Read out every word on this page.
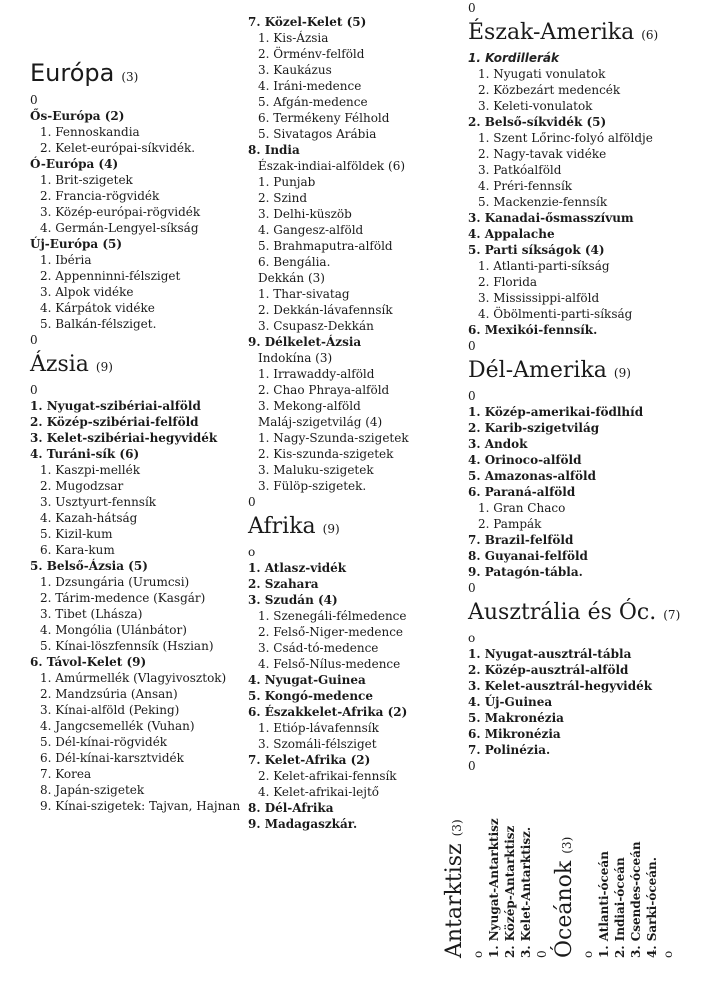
Európa (3)
0
Ős-Európa (2)
1. Fennoskandia
2. Kelet-európai-síkvidék.
Ó-Európa (4)
1. Brit-szigetek
2. Francia-rögvidék
3. Közép-európai-rögvidék
4. Germán-Lengyel-síkság
Új-Európa (5)
1. Ibéria
2. Appenninni-félsziget
3. Alpok vidéke
4. Kárpátok vidéke
5. Balkán-félsziget.
0
Ázsia (9)
0
1. Nyugat-szibériai-alföld
2. Közép-szibériai-felföld
3. Kelet-szibériai-hegyvidék
4. Turáni-sík (6)
1. Kaszpi-mellék
2. Mugodzsar
3. Usztyurt-fennsík
4. Kazah-hátság
5. Kizil-kum
6. Kara-kum
5. Belső-Ázsia (5)
1. Dzsungária (Urumcsi)
2. Tárim-medence (Kasgár)
3. Tibet (Lhásza)
4. Mongólia (Ulánbátor)
5. Kínai-löszfennsík (Hszian)
6. Távol-Kelet (9)
1. Amúrmellék (Vlagyivosztok)
2. Mandzsúria (Ansan)
3. Kínai-alföld (Peking)
4. Jangcsemellék (Vuhan)
5. Dél-kínai-rögvidék
6. Dél-kínai-karsztvidék
7. Korea
8. Japán-szigetek
9. Kínai-szigetek: Tajvan, Hajnan
7. Közel-Kelet (5)
1. Kis-Ázsia
2. Örménv-felföld
3. Kaukázus
4. Iráni-medence
5. Afgán-medence
6. Termékeny Félhold
5. Sivatagos Arábia
8. India
Észak-indiai-alföldek (6)
1. Punjab
2. Szind
3. Delhi-küszöb
4. Gangesz-alföld
5. Brahmaputra-alföld
6. Bengália.
Dekkán (3)
1. Thar-sivatag
2. Dekkán-lávafennsík
3. Csupasz-Dekkán
9. Délkelet-Ázsia
Indokína (3)
1. Irrawaddy-alföld
2. Chao Phraya-alföld
3. Mekong-alföld
Maláj-szigetvilág (4)
1. Nagy-Szunda-szigetek
2. Kis-szunda-szigetek
3. Maluku-szigetek
3. Fülöp-szigetek.
0
Afrika (9)
o
1. Atlasz-vidék
2. Szahara
3. Szudán (4)
1. Szenegáli-félmedence
2. Felső-Niger-medence
3. Csád-tó-medence
4. Felső-Nílus-medence
4. Nyugat-Guinea
5. Kongó-medence
6. Északkelet-Afrika (2)
1. Etióp-lávafennsík
3. Szomáli-félsziget
7. Kelet-Afrika (2)
2. Kelet-afrikai-fennsík
4. Kelet-afrikai-lejtő
8. Dél-Afrika
9. Madagaszkár.
0
Észak-Amerika (6)
1. Kordillerák
1. Nyugati vonulatok
2. Közbezárt medencék
3. Keleti-vonulatok
2. Belső-síkvidék (5)
1. Szent Lőrinc-folyó alföldje
2. Nagy-tavak vidéke
3. Patkóalföld
4. Préri-fennsík
5. Mackenzie-fennsík
3. Kanadai-ősmasszívum
4. Appalache
5. Parti síkságok (4)
1. Atlanti-parti-síkság
2. Florida
3. Mississippi-alföld
4. Öbölmenti-parti-síkság
6. Mexikói-fennsík.
0
Dél-Amerika (9)
0
1. Közép-amerikai-födlhíd
2. Karib-szigetvilág
3. Andok
4. Orinoco-alföld
5. Amazonas-alföld
6. Paraná-alföld
1. Gran Chaco
2. Pampák
7. Brazil-felföld
8. Guyanai-felföld
9. Patagón-tábla.
0
Ausztrália és Óc. (7)
o
1. Nyugat-ausztrál-tábla
2. Közép-ausztrál-alföld
3. Kelet-ausztrál-hegyvidék
4. Új-Guinea
5. Makronézia
6. Mikronézia
7. Polinézia.
0
Antarktisz (3)
o 1. Nyugat-Antarktisz 2. Közép-Antarktisz 3. Kelet-Antarktisz. 0 Óceánok (3)
o 1. Atlanti-óceán 2. Indiai-óceán 3. Csendes-óceán 4. Sarki-óceán. o
